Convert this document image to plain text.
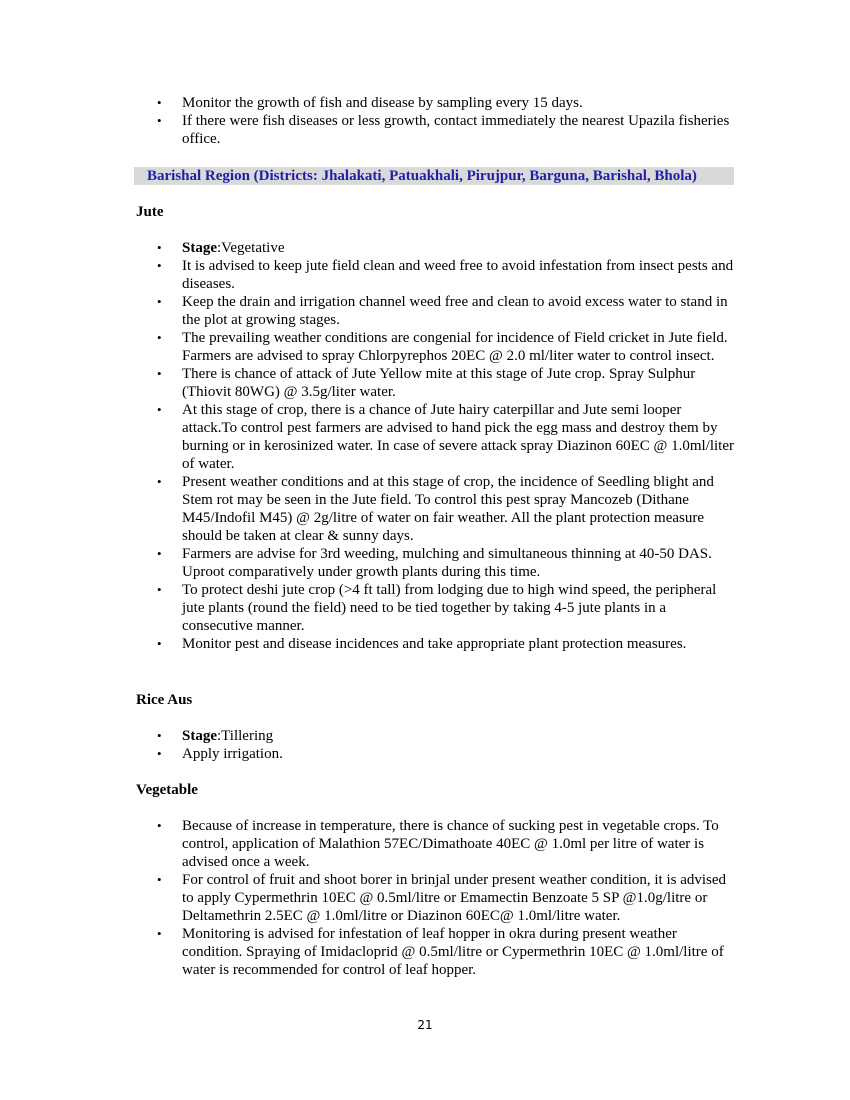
• Monitor the growth of fish and disease by sampling every 15 days.
• If there were fish diseases or less growth, contact immediately the nearest Upazila fisheries office.
Barishal Region (Districts: Jhalakati, Patuakhali, Pirujpur, Barguna, Barishal, Bhola)
Jute
• Stage:Vegetative
• It is advised to keep jute field clean and weed free to avoid infestation from insect pests and diseases.
• Keep the drain and irrigation channel weed free and clean to avoid excess water to stand in the plot at growing stages.
• The prevailing weather conditions are congenial for incidence of Field cricket in Jute field. Farmers are advised to spray Chlorpyrephos 20EC @ 2.0 ml/liter water to control insect.
• There is chance of attack of Jute Yellow mite at this stage of Jute crop. Spray Sulphur (Thiovit 80WG) @ 3.5g/liter water.
• At this stage of crop, there is a chance of Jute hairy caterpillar and Jute semi looper attack.To control pest farmers are advised to hand pick the egg mass and destroy them by burning or in kerosinized water. In case of severe attack spray Diazinon 60EC @ 1.0ml/liter of water.
• Present weather conditions and at this stage of crop, the incidence of Seedling blight and Stem rot may be seen in the Jute field. To control this pest spray Mancozeb (Dithane M45/Indofil M45) @ 2g/litre of water on fair weather. All the plant protection measure should be taken at clear & sunny days.
• Farmers are advise for 3rd weeding, mulching and simultaneous thinning at 40-50 DAS. Uproot comparatively under growth plants during this time.
• To protect deshi jute crop (>4 ft tall) from lodging due to high wind speed, the peripheral jute plants (round the field) need to be tied together by taking 4-5 jute plants in a consecutive manner.
• Monitor pest and disease incidences and take appropriate plant protection measures.
Rice Aus
• Stage:Tillering
• Apply irrigation.
Vegetable
• Because of increase in temperature, there is chance of sucking pest in vegetable crops. To control, application of Malathion 57EC/Dimathoate 40EC @ 1.0ml per litre of water is advised once a week.
• For control of fruit and shoot borer in brinjal under present weather condition, it is advised to apply Cypermethrin 10EC @ 0.5ml/litre or Emamectin Benzoate 5 SP @1.0g/litre or Deltamethrin 2.5EC @ 1.0ml/litre or Diazinon 60EC@ 1.0ml/litre water.
• Monitoring is advised for infestation of leaf hopper in okra during present weather condition. Spraying of Imidacloprid @ 0.5ml/litre or Cypermethrin 10EC @ 1.0ml/litre of water is recommended for control of leaf hopper.
21
